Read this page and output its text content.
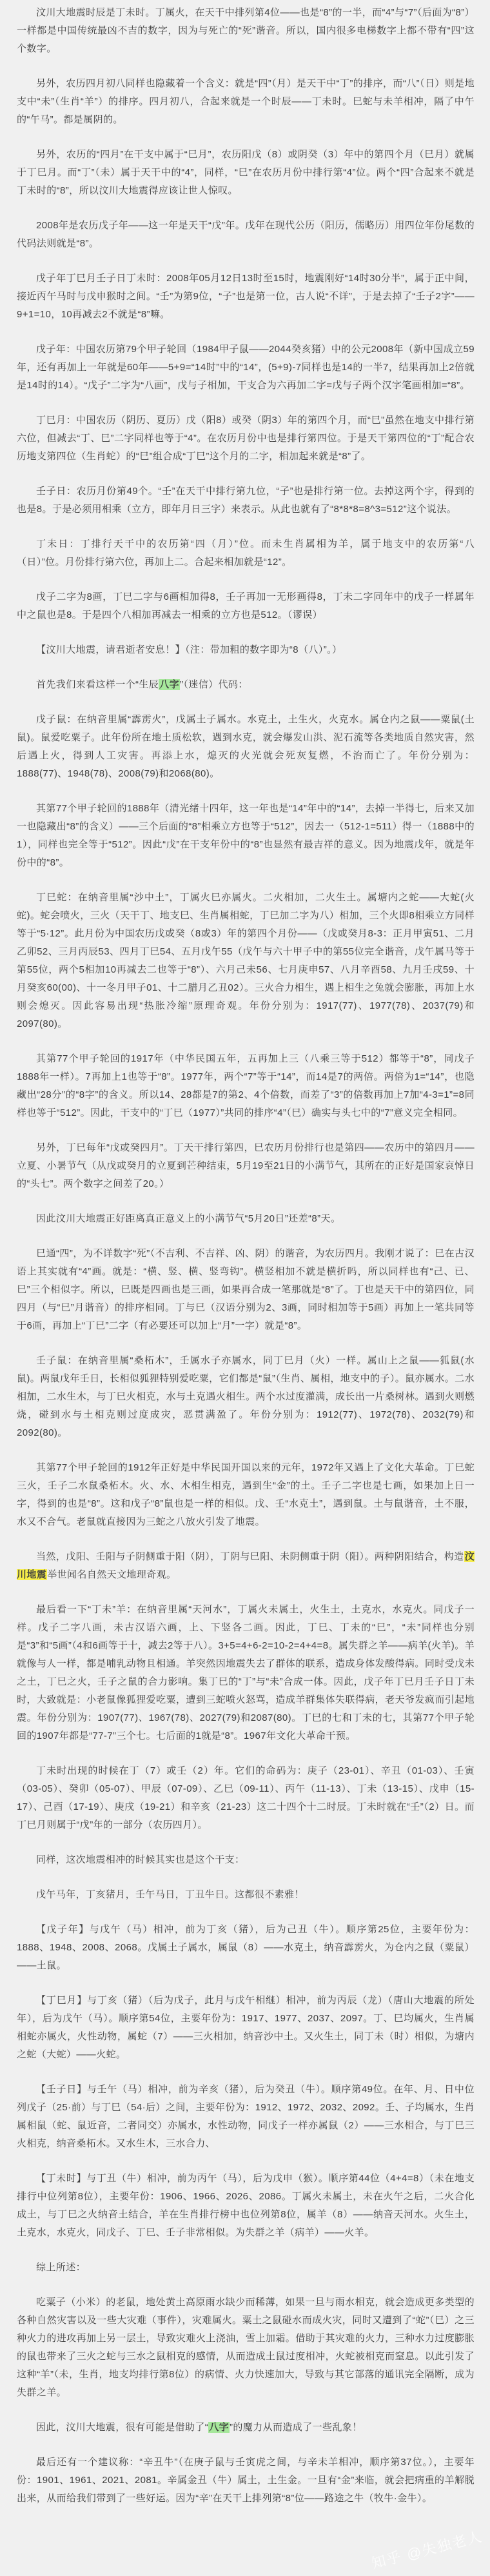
汶川大地震时辰是丁未时。丁属火，在天干中排列第4位——也是“8”的一半，而“4”与“7”（后面为“8”）一样都是中国传统最凶不吉的数字，因为与死亡的“死”谐音。所以，国内很多电梯数字上都不带有“四”这个数字。

另外，农历四月初八同样也隐藏着一个含义：就是“四”（月）是天干中“丁”的排序，而“八”（日）则是地支中“未”（生肖“羊”）的排序。四月初八，合起来就是一个时辰——丁未时。巳蛇与未羊相冲，隔了中午的“午马”。都是属阴的。

另外，农历的“四月”在干支中属于“巳月”，农历阳戊（8）或阴癸（3）年中的第四个月（巳月）就属于丁巳月。而“丁”（未）属于天干中的“4”，同样，“巳”在农历月份中排行第“4”位。两个“四”合起来不就是丁未时的“8”，所以汶川大地震得应该让世人惊叹。

2008年是农历戊子年——这一年是天干“戊”年。戊年在现代公历（阳历，儒略历）用四位年份尾数的代码法则就是“8”。

戊子年丁巳月壬子日丁未时：2008年05月12日13时至15时，地震刚好“14时30分半”，属于正中间，接近丙午马时与戊申猴时之间。“壬”为第9位，“子”也是第一位，古人说“不详”，于是去掉了“壬子2字”——9+1=10，10再减去2不就是“8”嘛。

戊子年：中国农历第79个甲子轮回（1984甲子鼠——2044癸亥猪）中的公元2008年（新中国成立59年，还有再加上一年就是60年——5+9=“14时”中的“14”，(5+9)-7同样也是14的一半7，结果再加上2倍就是14时的14）。“戊子”二字为“八画”，戊与子相加，干支合为六再加二字=戊与子两个汉字笔画相加=“8”。

丁巳月：中国农历（阴历、夏历）戊（阳8）或癸（阴3）年的第四个月，而“巳”虽然在地支中排行第六位，但减去“丁、巳”二字同样也等于“4”。在农历月份中也是排行第四位。于是天干第四位的“丁”配合农历地支第四位（生肖蛇）的“巳”组合成“丁巳”这个月的二字，相加起来就是“8”了。

壬子日：农历月份第49个。“壬”在天干中排行第九位，“子”也是排行第一位。去掉这两个字，得到的也是8。于是必须用相乘（立方，即年月日三字）来表示。从此也就有了“8*8*8=8^3=512”这个说法。

丁未日：丁排行天干中的农历第“四（月）”位。而未生肖属相为羊，属于地支中的农历第“八（日）”位。月份排行第六位，再加上二。合起来相加就是“12”。

戊子二字为8画，丁巳二字与6画相加得8，壬子再加一无形画得8，丁未二字同年中的戊子一样属年中之鼠也是8。于是四个八相加再减去一相乘的立方也是512。（谬误）

【汶川大地震，请君逝者安息！】（注：带加粗的数字即为“8（八）”。）

首先我们来看这样一个“生辰八字”（迷信）代码：

戊子鼠：在纳音里属“霹雳火”，戊属土子属水。水克土，土生火，火克水。属仓内之鼠——粟鼠(土鼠)。鼠爱吃粟子。此年份所在地土质松软，遇到水克，就会爆发山洪、泥石流等各类地质自然灾害，然后遇上火，得到人工灾害。再添上水，熄灭的火光就会死灰复燃，不治而亡了。年份分别为：1888(77)、1948(78)、2008(79)和2068(80)。

其第77个甲子轮回的1888年（清光绪十四年，这一年也是“14”年中的“14”，去掉一半得七，后来又加一也隐藏出“8”的含义）——三个后面的“8”相乘立方也等于“512”，因去一（512-1=511）得一（1888中的1），同样也完全等于“512”。因此“戊”在干支年份中的“8”也显然有最吉祥的意义。因为地震戊年，就是年份中的“8”。

丁巳蛇：在纳音里属“沙中土”，丁属火巳亦属火。二火相加，二火生土。属塘内之蛇——大蛇(火蛇)。蛇会喷火，三火（天干丁、地支巳、生肖属相蛇，丁巳加二字为八）相加，三个火即8相乘立方同样等于“5·12”。此月份为中国农历戊或癸（8或3）年的第四个月份——（戊或癸月8-3：正月甲寅51、二月乙卯52、三月丙辰53、四月丁巳54、五月戊午55（戊午与六十甲子中的第55位完全谐音，戊午属马等于第55位，两个5相加10再减去二也等于“8”）、六月己未56、七月庚申57、八月辛酉58、九月壬戌59、十月癸亥60(00)、十一冬月甲子01、十二腊月乙丑02）。三火合力相生，遇上相生之兔就会膨胀，再加上水则会熄灭。因此容易出现“热胀冷缩”原理奇观。年份分别为：1917(77)、1977(78)、2037(79)和2097(80)。

其第77个甲子轮回的1917年（中华民国五年，五再加上三（八乘三等于512）都等于“8”，同戊子1888年一样）。7再加上1也等于“8”。1977年，两个“7”等于“14”，而14是7的两倍。两倍为1=“14”，也隐藏出“28分”的“8字”的含义。所以14、28都是7的第2、4个倍数，而差了“3”的倍数再加上7加“4-3=1”=8同样也等于“512”。因此，干支中的“丁巳（1977）”共同的排序“4”（巳）确实与头七中的“7”意义完全相同。

另外，丁巳每年“戊或癸四月”。丁天干排行第四，巳农历月份排行也是第四——农历中的第四月——立夏、小暑节气（从戊或癸月的立夏到芒种结束，5月19至21日的小满节气，其所在的正好是国家哀悼日的“头七”。两个数字之间差了20。）

因此汶川大地震正好距离真正意义上的小满节气“5月20日”还差“8”天。

巳通“四”，为不详数字“死”（不吉利、不吉祥、凶、阴）的谐音，为农历四月。我刚才说了：巳在古汉语上其实就有“4”画。就是：“横、竖、横、竖弯钩”。横竖相加不就是横折吗，所以同样也有“己、已、巳”三个相似字。所以，巳既是四画也是三画，如果再合成一笔那就是“8”了。丁也是天干中的第四位，同四月（与“巳”月谐音）的排序相同。丁与巳（汉语分别为2、3画，同时相加等于5画）再加上一笔共同等于6画，再加上“丁巳”二字（有必要还可以加上“月”一字）就是“8”。

壬子鼠：在纳音里属“桑柘木”，壬属水子亦属水，同丁巳月（火）一样。属山上之鼠——狐鼠(水鼠)。两鼠戊年壬日，长相似狐狸特别爱吃粟，它们都是“鼠”（生肖、属相，地支中的子）。鼠亦属水。二水相加，二水生木，与丁巳火相克，水与土克遇火相生。两个水过度灌满，成长出一片桑树林。遇到火则燃烧，碰到水与土相克则过度成灾，恶贯满盈了。年份分别为：1912(77)、1972(78)、2032(79)和2092(80)。

其第77个甲子轮回的1912年正好是中华民国开国以来的元年，1972年又遇上了文化大革命。丁巳蛇三火，壬子二水鼠桑柘木。火、水、木相生相克，遇到生“金”的土。壬子二字也是七画，如果加上日一字，得到的也是“8”。这和戊子“8”鼠也是一样的相似。戊、壬“水克土”，遇到鼠。土与鼠谐音，土不服，水又不合气。老鼠就直接因为三蛇之八放火引发了地震。

当然，戊阳、壬阳与子阴侧重于阳（阴），丁阴与巳阳、未阴侧重于阴（阳）。两种阴阳结合，构造汶川地震举世闻名自然天文地理奇观。

最后看一下“丁未”羊：在纳音里属“天河水”，丁属火未属土，火生土，土克水，水克火。同戊子一样。戊子二字八画，未古汉语六画，上、下竖各二画。因此，丁巳、丁未的“巳”，“未”同样也分别是“3”和“5画”（4和6画等于十，减去2等于八）。3+5=4+6-2=10-2=4+4=8。属失群之羊——病羊(火羊)。羊就像与人一样，都是哺乳动物且相通。羊突然因地震失去了群体的联系，造成身体发酸得病。同时受戊未之土，丁巳之火，壬子之鼠的合力影响。集丁巳的“丁”与“未”合成一体。因此，戊子年丁巳月壬子日丁未时，大致就是：小老鼠像狐狸爱吃粟，遭到三蛇喷火怒骂，造成羊群集体失联得病，老天爷发疯而引起地震。年份分别为：1907(77)、1967(78)、2027(79)和2087(80)。丁巳的七和丁未的七，其第77个甲子轮回的1907年都是“77-7”三个七。七后面的1就是“8”。1967年文化大革命干预。

丁未时出现的时候在丁（7）或壬（2）年。它们的命码为：庚子（23-01）、辛丑（01-03）、壬寅（03-05）、癸卯（05-07）、甲辰（07-09）、乙巳（09-11）、丙午（11-13）、丁未（13-15）、戊申（15-17）、己酉（17-19）、庚戌（19-21）和辛亥（21-23）这二十四个十二时辰。丁未时就在“壬”（2）日。而丁巳月则属于“戊”年的一部分（农历四月）。

同样，这次地震相冲的时候其实也是这个干支：

戊午马年，丁亥猪月，壬午马日，丁丑牛日。这都很不素雅！

【戊子年】与戊午（马）相冲，前为丁亥（猪），后为己丑（牛）。顺序第25位，主要年份为：1888、1948、2008、2068。戊属土子属水，属鼠（8）——水克土，纳音霹雳火，为仓内之鼠（粟鼠）——土鼠。

【丁巳月】与丁亥（猪）（后为戊子，此月与戊午相继）相冲，前为丙辰（龙）（唐山大地震的所处年），后为戊午（马）。顺序第54位，主要年份为：1917、1977、2037、2097。丁、巳均属火，生肖属相蛇亦属火，火性动物，属蛇（7）——三火相加，纳音沙中土。又火生土，同丁未（时）相似，为塘内之蛇（大蛇）——火蛇。

【壬子日】与壬午（马）相冲，前为辛亥（猪），后为癸丑（牛）。顺序第49位。在年、月、日中位列戊子（25·前）与丁巳（54·后）之间，主要年份为：1912、1972、2032、2092。壬、子均属水，生肖属相鼠（蛇、鼠近音，二者同交）亦属水，水性动物，同戊子一样亦属鼠（2）——三水相合，与丁巳三火相克，纳音桑柘木。又水生木，三水合力、

【丁未时】与丁丑（牛）相冲，前为丙午（马），后为戊申（猴）。顺序第44位（4+4=8）（未在地支排行中位列第8位），主要年份：1906、1966、2026、2086。丁属火未属土，未在火午之后，二火合化成土，与丁巳之火纳音土结合，羊在生肖排行榜中也位列第8位，属羊（8）——纳音天河水。火生土，土克水，水克火，同戊子、丁巳、壬子非常相似。为失群之羊（病羊）——火羊。

综上所述：

吃粟子（小米）的老鼠，地处黄土高原雨水缺少而稀薄，如果一旦与雨水相克，就会造成更多类型的各种自然灾害以及一些大灾难（事件），灾难属火。粟土之鼠碰水而成火灾，同时又遭到了“蛇”（巳）之三种火力的进攻再加上另一层土，导致灾难火上浇油，雪上加霜。借助于其灾难的火力，三种水力过度膨胀的鼠也带来了三火之蛇与三水之鼠相克的感情，从而造成土鼠过度相冲，火蛇被相克而窒息。以此引发了这种“羊”（未，生肖，地支均排行第8位）的病情、火力快速加大，导致与其它部落的通讯完全隔断，成为失群之羊。

因此，汶川大地震，很有可能是借助了“八字”的魔力从而造成了一些乱象！

最后还有一个建议称：“辛丑牛”（在庚子鼠与壬寅虎之间，与辛未羊相冲，顺序第37位。），主要年份：1901、1961、2021、2081。辛属金丑（牛）属土，土生金。一旦有“金”来临，就会把病重的羊解脱出来，从而给我们带到了一些好运。因为“辛”在天干上排列第“8”位——路途之牛（牧牛·金牛）。

知乎 @失独老人
